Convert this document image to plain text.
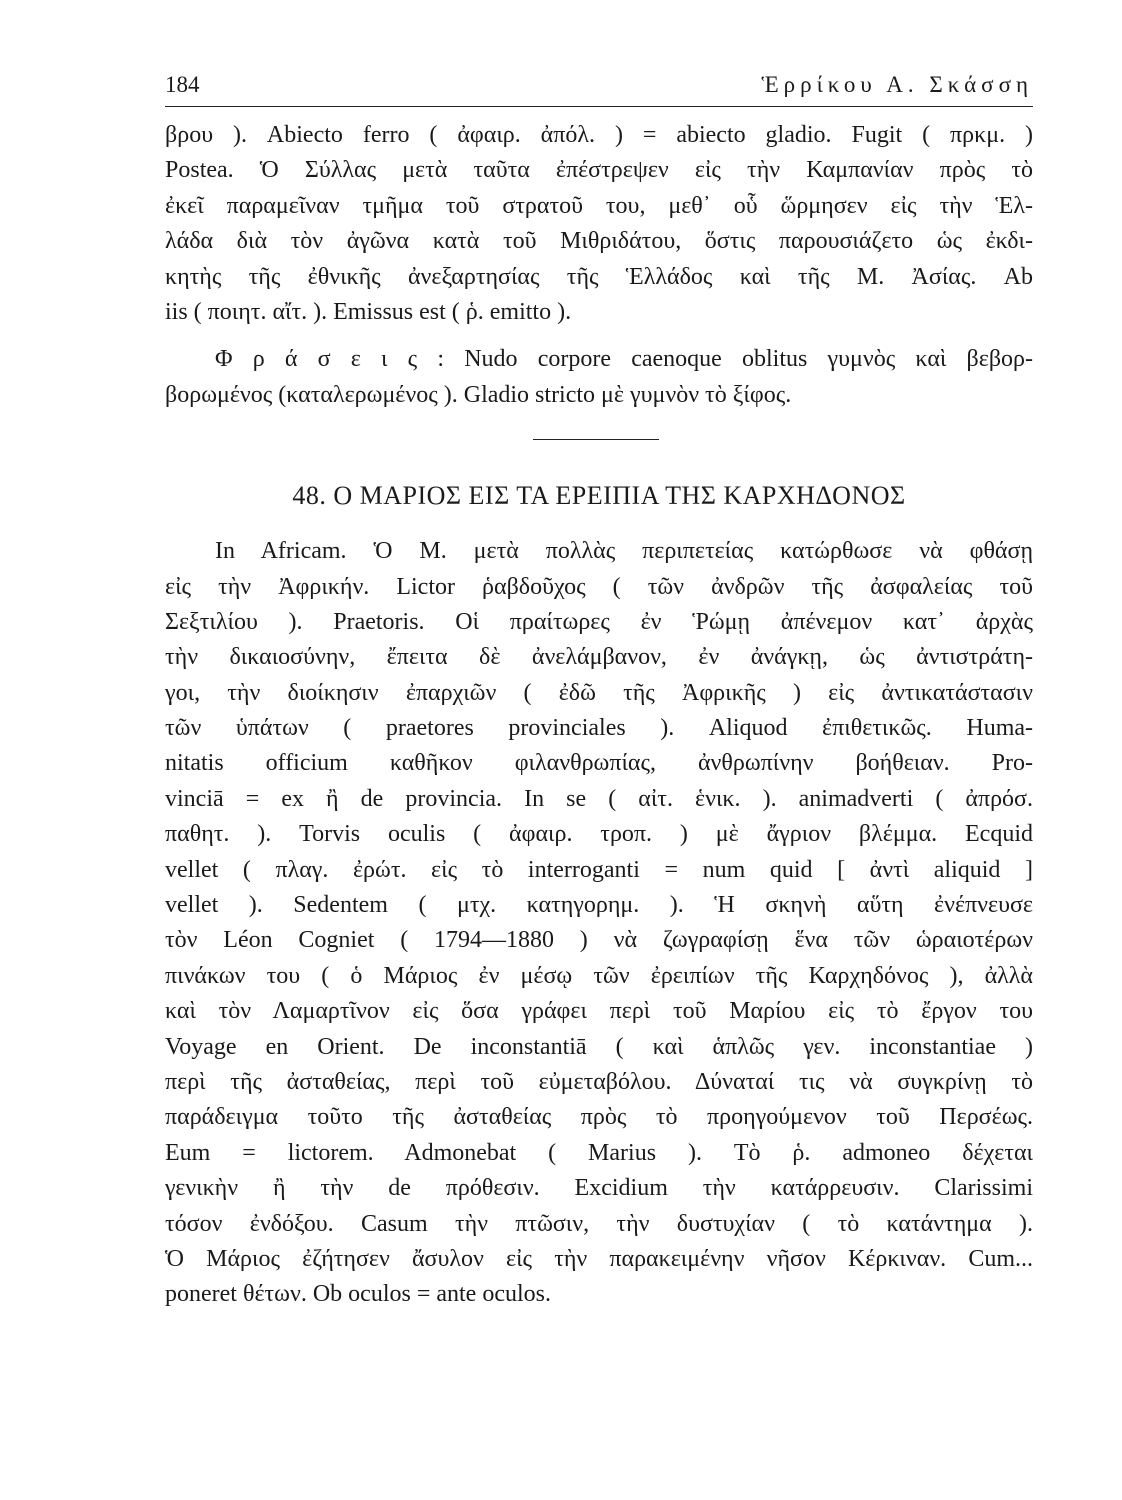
184	Ἑρρίκου Α. Σκάσση
βρου ). Abiecto ferro ( ἀφαιρ. ἀπόλ. ) = abiecto gladio. Fugit ( πρκμ. )
Postea. Ὁ Σύλλας μετὰ ταῦτα ἐπέστρεψεν εἰς τὴν Καμπανίαν πρὸς τὸ
ἐκεῖ παραμεῖναν τμῆμα τοῦ στρατοῦ του, μεθ᾽ οὗ ὥρμησεν εἰς τὴν Ἑλ-
λάδα διὰ τὸν ἀγῶνα κατὰ τοῦ Μιθριδάτου, ὅστις παρουσιάζετο ὡς ἐκδι-
κητὴς τῆς ἐθνικῆς ἀνεξαρτησίας τῆς Ἑλλάδος καὶ τῆς Μ. Ἀσίας. Ab
iis ( ποιητ. αἴτ. ). Emissus est ( ῥ. emitto ).
Φ ρ ά σ ε ι ς : Nudo corpore caenoque oblitus γυμνὸς καὶ βεβορ-
βορωμένος (καταλερωμένος ). Gladio stricto μὲ γυμνὸν τὸ ξίφος.
48. Ο ΜΑΡΙΟΣ ΕΙΣ ΤΑ ΕΡΕΙΠΙΑ ΤΗΣ ΚΑΡΧΗΔΟΝΟΣ
In Africam. Ὁ Μ. μετὰ πολλὰς περιπετείας κατώρθωσε νὰ φθάσῃ
εἰς τὴν Ἀφρικήν. Lictor ῥαβδοῦχος ( τῶν ἀνδρῶν τῆς ἀσφαλείας τοῦ
Σεξτιλίου ). Praetoris. Οἱ πραίτωρες ἐν Ῥώμῃ ἀπένεμον κατ᾽ ἀρχὰς
τὴν δικαιοσύνην, ἔπειτα δὲ ἀνελάμβανον, ἐν ἀνάγκῃ, ὡς ἀντιστράτη-
γοι, τὴν διοίκησιν ἐπαρχιῶν ( ἐδῶ τῆς Ἀφρικῆς ) εἰς ἀντικατάστασιν
τῶν ὑπάτων ( praetores provinciales ). Aliquod ἐπιθετικῶς. Huma-
nitatis officium καθῆκον φιλανθρωπίας, ἀνθρωπίνην βοήθειαν. Pro-
vinciā = ex ἢ de provincia. In se ( αἰτ. ἑνικ. ). animadverti ( ἀπρόσ.
παθητ. ). Torvis oculis ( ἀφαιρ. τροπ. ) μὲ ἄγριον βλέμμα. Ecquid
vellet ( πλαγ. ἐρώτ. εἰς τὸ interroganti = num quid [ ἀντὶ aliquid ]
vellet ). Sedentem ( μτχ. κατηγορημ. ). Ἡ σκηνὴ αὕτη ἐνέπνευσε
τὸν Léon Cogniet ( 1794—1880 ) νὰ ζωγραφίσῃ ἕνα τῶν ὡραιοτέρων
πινάκων του ( ὁ Μάριος ἐν μέσῳ τῶν ἐρειπίων τῆς Καρχηδόνος ), ἀλλὰ
καὶ τὸν Λαμαρτῖνον εἰς ὅσα γράφει περὶ τοῦ Μαρίου εἰς τὸ ἔργον του
Voyage en Orient. De inconstantiā ( καὶ ἁπλῶς γεν. inconstantiae )
περὶ τῆς ἀσταθείας, περὶ τοῦ εὐμεταβόλου. Δύναταί τις νὰ συγκρίνῃ τὸ
παράδειγμα τοῦτο τῆς ἀσταθείας πρὸς τὸ προηγούμενον τοῦ Περσέως.
Eum = lictorem. Admonebat ( Marius ). Τὸ ῥ. admoneo δέχεται
γενικὴν ἢ τὴν de πρόθεσιν. Excidium τὴν κατάρρευσιν. Clarissimi
τόσον ἐνδόξου. Casum τὴν πτῶσιν, τὴν δυστυχίαν ( τὸ κατάντημα ).
Ὁ Μάριος ἐζήτησεν ἄσυλον εἰς τὴν παρακειμένην νῆσον Κέρκιναν. Cum...
poneret θέτων. Ob oculos = ante oculos.
